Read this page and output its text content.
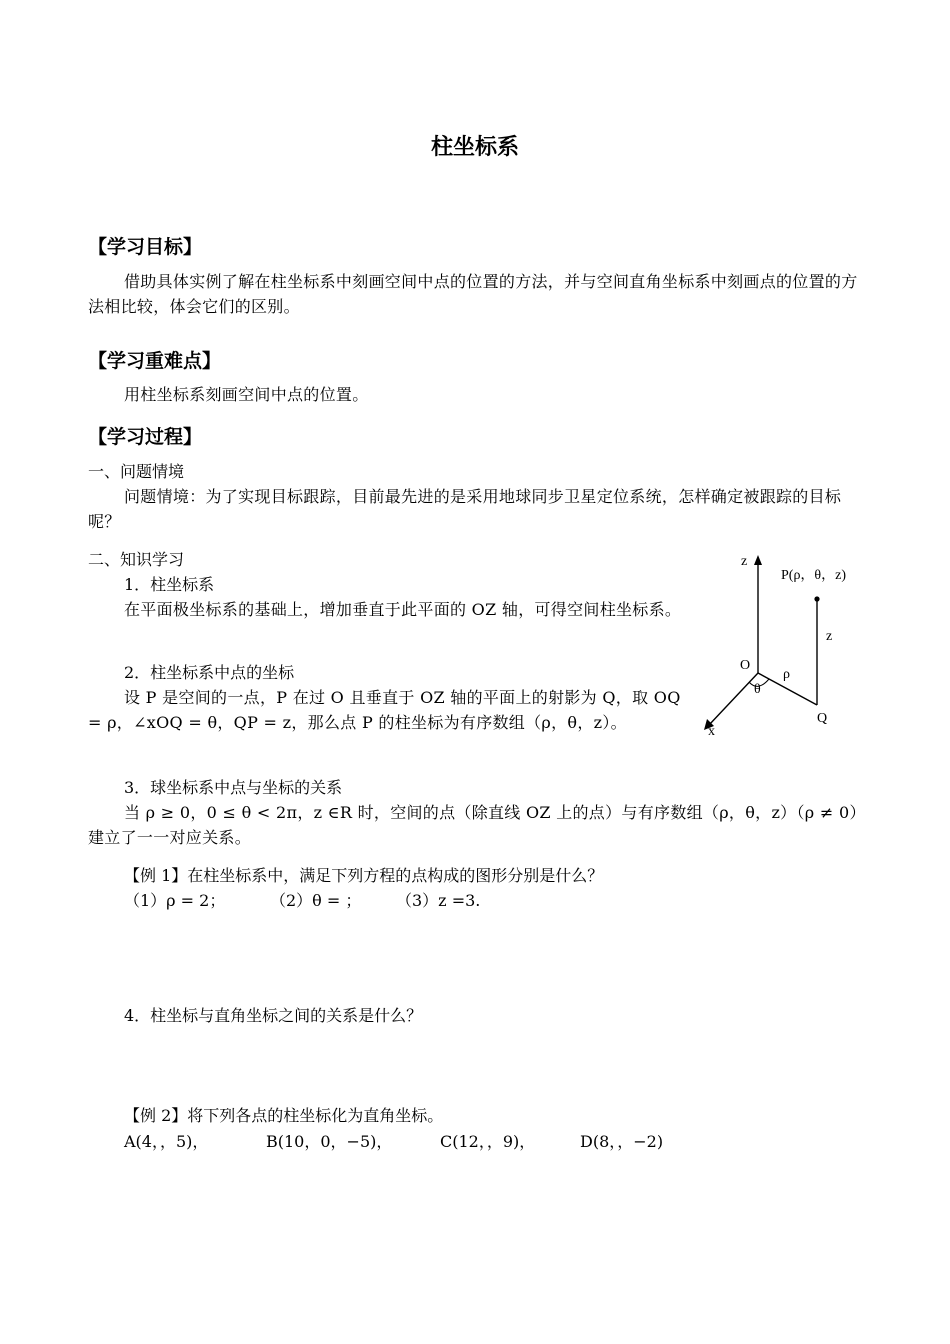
柱坐标系
【学习目标】
借助具体实例了解在柱坐标系中刻画空间中点的位置的方法，并与空间直角坐标系中刻画点的位置的方法相比较，体会它们的区别。
【学习重难点】
用柱坐标系刻画空间中点的位置。
【学习过程】
一、问题情境
问题情境：为了实现目标跟踪，目前最先进的是采用地球同步卫星定位系统，怎样确定被跟踪的目标呢？
二、知识学习
1．柱坐标系
在平面极坐标系的基础上，增加垂直于此平面的 OZ 轴，可得空间柱坐标系。
2．柱坐标系中点的坐标
设 P 是空间的一点，P 在过 O 且垂直于 OZ 轴的平面上的射影为 Q，取 OQ = ρ，∠xOQ = θ，QP = z，那么点 P 的柱坐标为有序数组（ρ，θ，z）。
3．球坐标系中点与坐标的关系
当 ρ ≥ 0，0 ≤ θ < 2π，z ∈R 时，空间的点（除直线 OZ 上的点）与有序数组（ρ，θ，z）（ρ ≠ 0）建立了一一对应关系。
【例 1】在柱坐标系中，满足下列方程的点构成的图形分别是什么？
（1）ρ = 2；	（2）θ = ； （3）z =3.
4．柱坐标与直角坐标之间的关系是什么？
【例 2】将下列各点的柱坐标化为直角坐标。
A(4，，5)，	B(10，0，−5)，	C(12，，9)，	D(8，，−2)
z
P(ρ，θ，z)
z
O
ρ
θ
Q
x
